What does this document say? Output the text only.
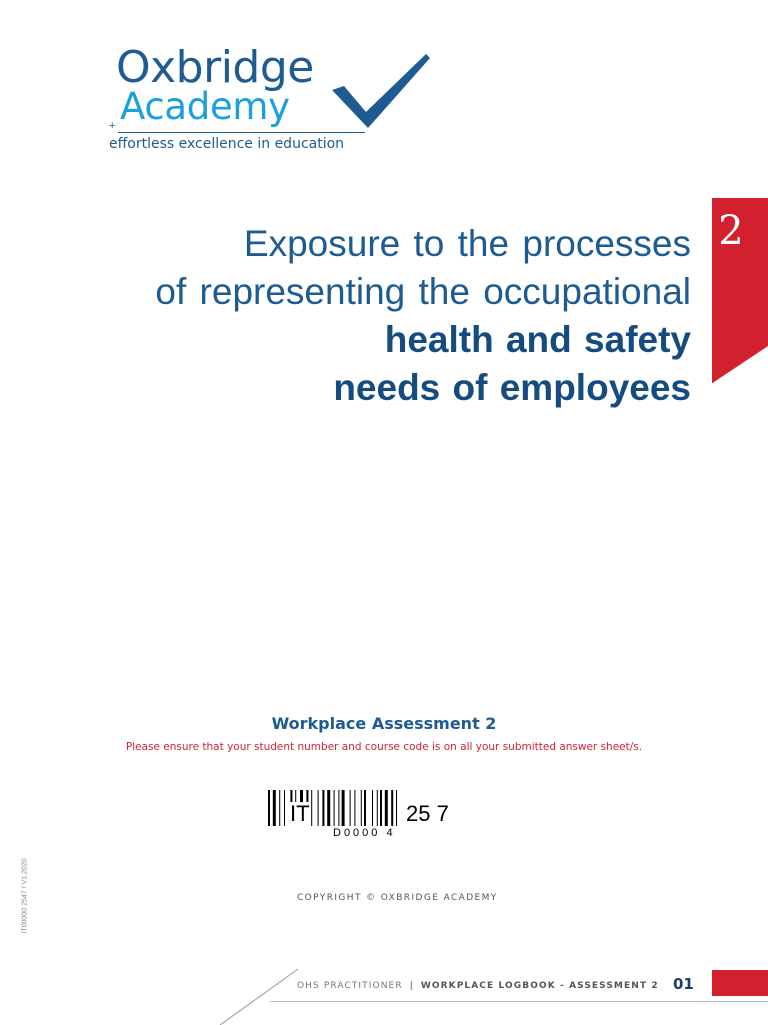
Oxbridge
Academy
+
effortless excellence in education
2
Exposure to the processes
of representing the occupational
health and safety
needs of employees
Workplace Assessment 2
Please ensure that your student number and course code is on all your submitted answer sheet/s.
IT	25 7
D0000 4
COPYRIGHT © OXBRIDGE ACADEMY
IT00000 2547 / V1.2020
OHS PRACTITIONER | WORKPLACE LOGBOOK - ASSESSMENT 2 01
